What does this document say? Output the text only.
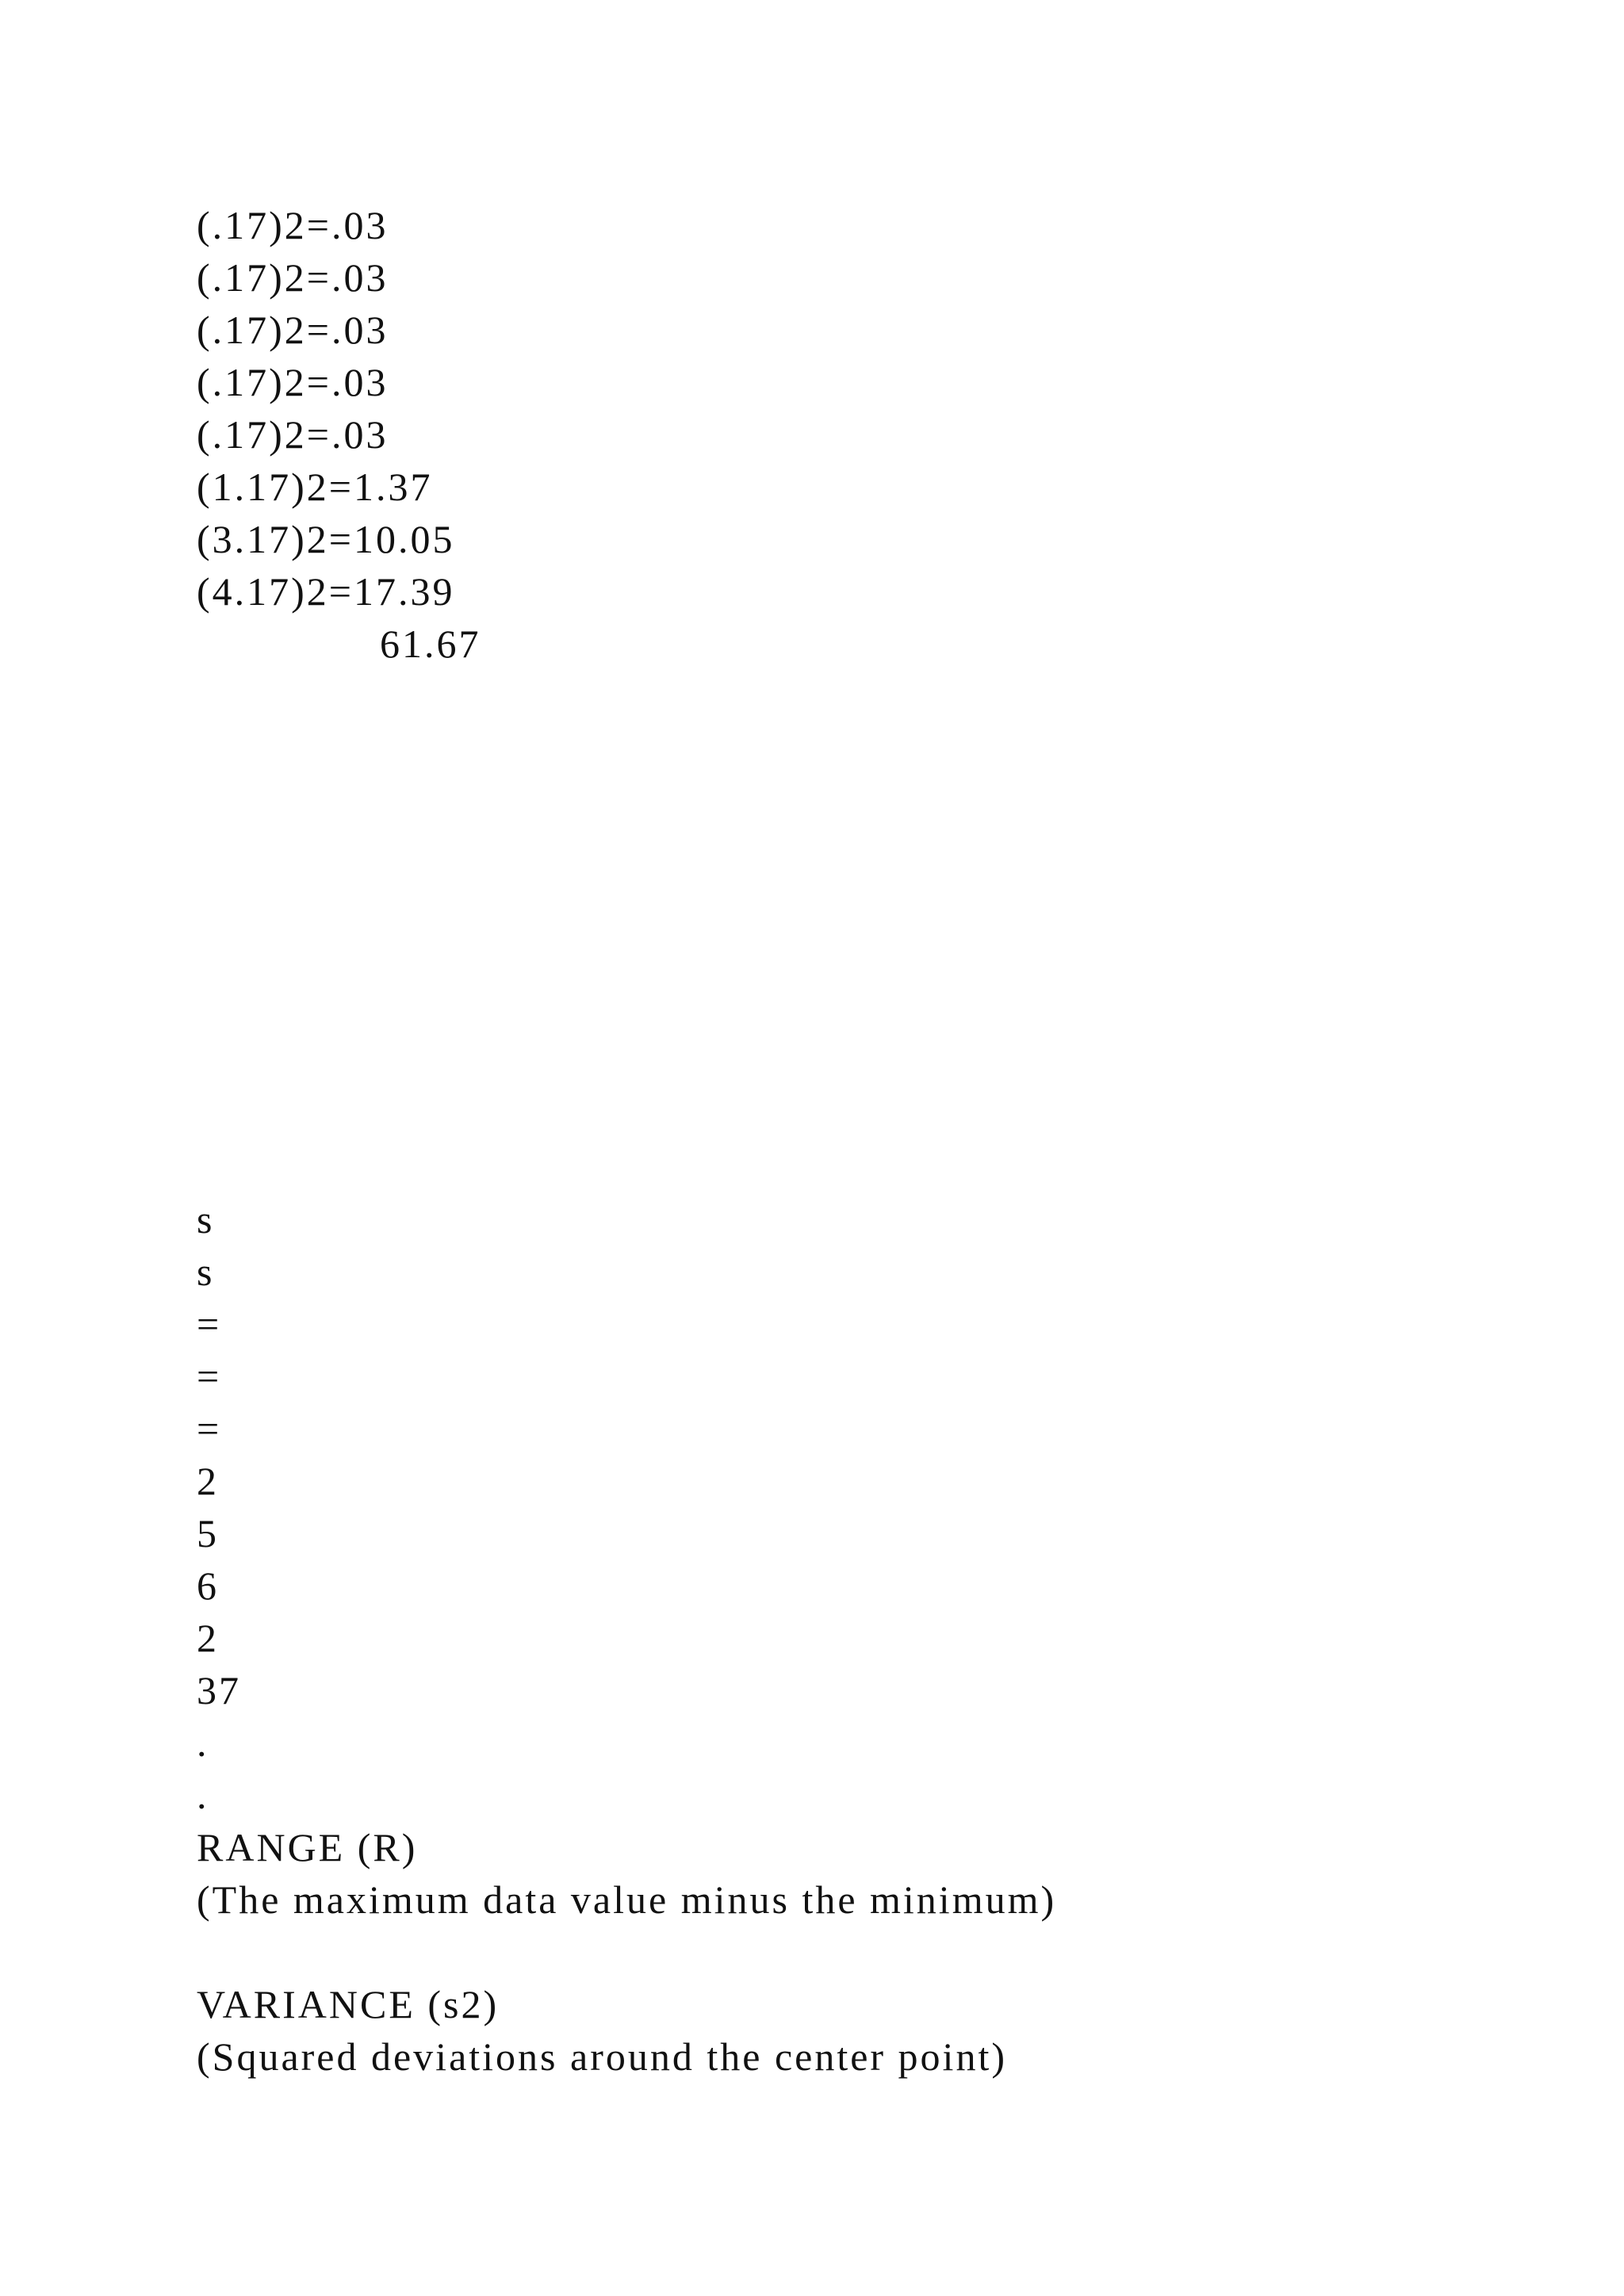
(.17)2=.03
(.17)2=.03
(.17)2=.03
(.17)2=.03
(.17)2=.03
(1.17)2=1.37
(3.17)2=10.05
(4.17)2=17.39
61.67
s
s
=
=
=
2
5
6
2
37
.
.
RANGE (R)
(The maximum data value minus the minimum)
VARIANCE (s2)
(Squared deviations around the center point)
